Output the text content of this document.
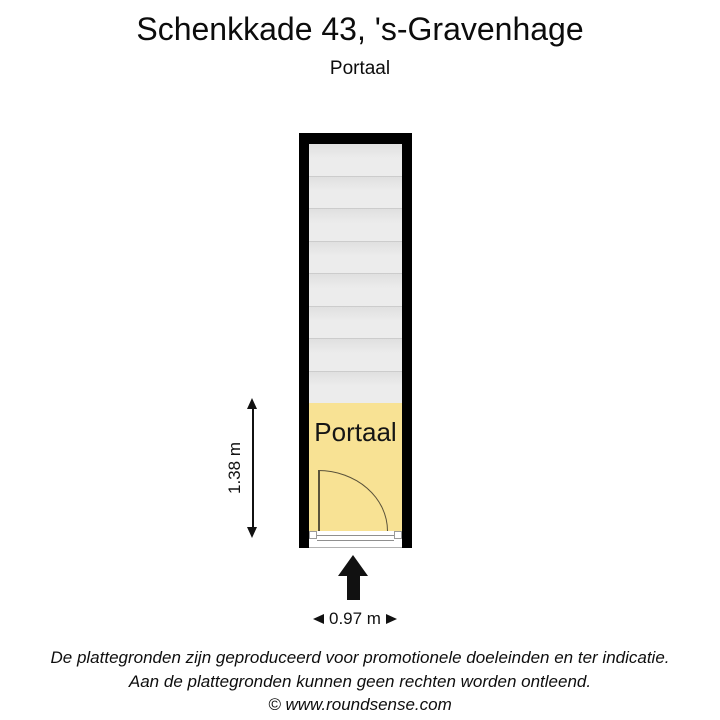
Schenkkade 43, 's-Gravenhage
Portaal
Portaal
1.38 m
0.97 m
De plattegronden zijn geproduceerd voor promotionele doeleinden en ter indicatie.
Aan de plattegronden kunnen geen rechten worden ontleend.
© www.roundsense.com
